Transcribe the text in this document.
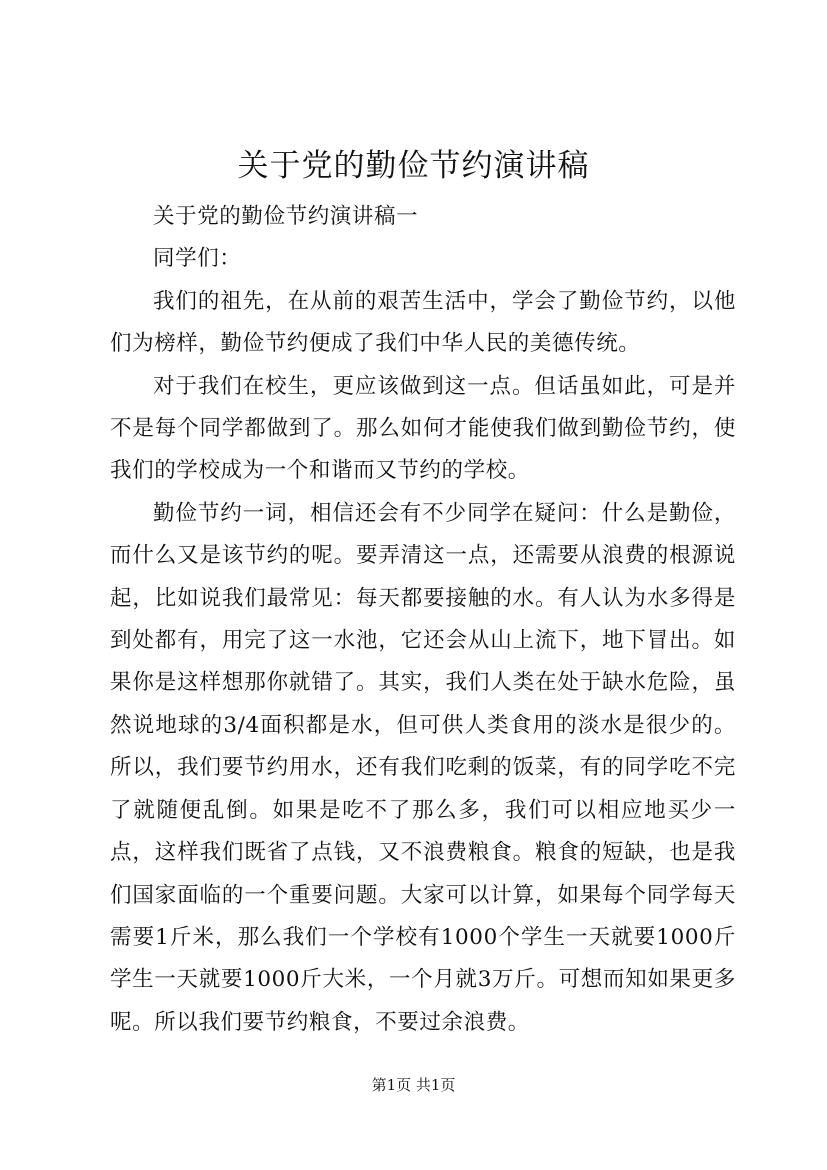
关于党的勤俭节约演讲稿

关于党的勤俭节约演讲稿一

同学们：

我们的祖先，在从前的艰苦生活中，学会了勤俭节约，以他们为榜样，勤俭节约便成了我们中华人民的美德传统。

对于我们在校生，更应该做到这一点。但话虽如此，可是并不是每个同学都做到了。那么如何才能使我们做到勤俭节约，使我们的学校成为一个和谐而又节约的学校。

勤俭节约一词，相信还会有不少同学在疑问：什么是勤俭，而什么又是该节约的呢。要弄清这一点，还需要从浪费的根源说起，比如说我们最常见：每天都要接触的水。有人认为水多得是到处都有，用完了这一水池，它还会从山上流下，地下冒出。如果你是这样想那你就错了。其实，我们人类在处于缺水危险，虽然说地球的3/4面积都是水，但可供人类食用的淡水是很少的。所以，我们要节约用水，还有我们吃剩的饭菜，有的同学吃不完了就随便乱倒。如果是吃不了那么多，我们可以相应地买少一点，这样我们既省了点钱，又不浪费粮食。粮食的短缺，也是我们国家面临的一个重要问题。大家可以计算，如果每个同学每天需要1斤米，那么我们一个学校有1000个学生一天就要1000斤学生一天就要1000斤大米，一个月就3万斤。可想而知如果更多呢。所以我们要节约粮食，不要过余浪费。

第1页 共1页
